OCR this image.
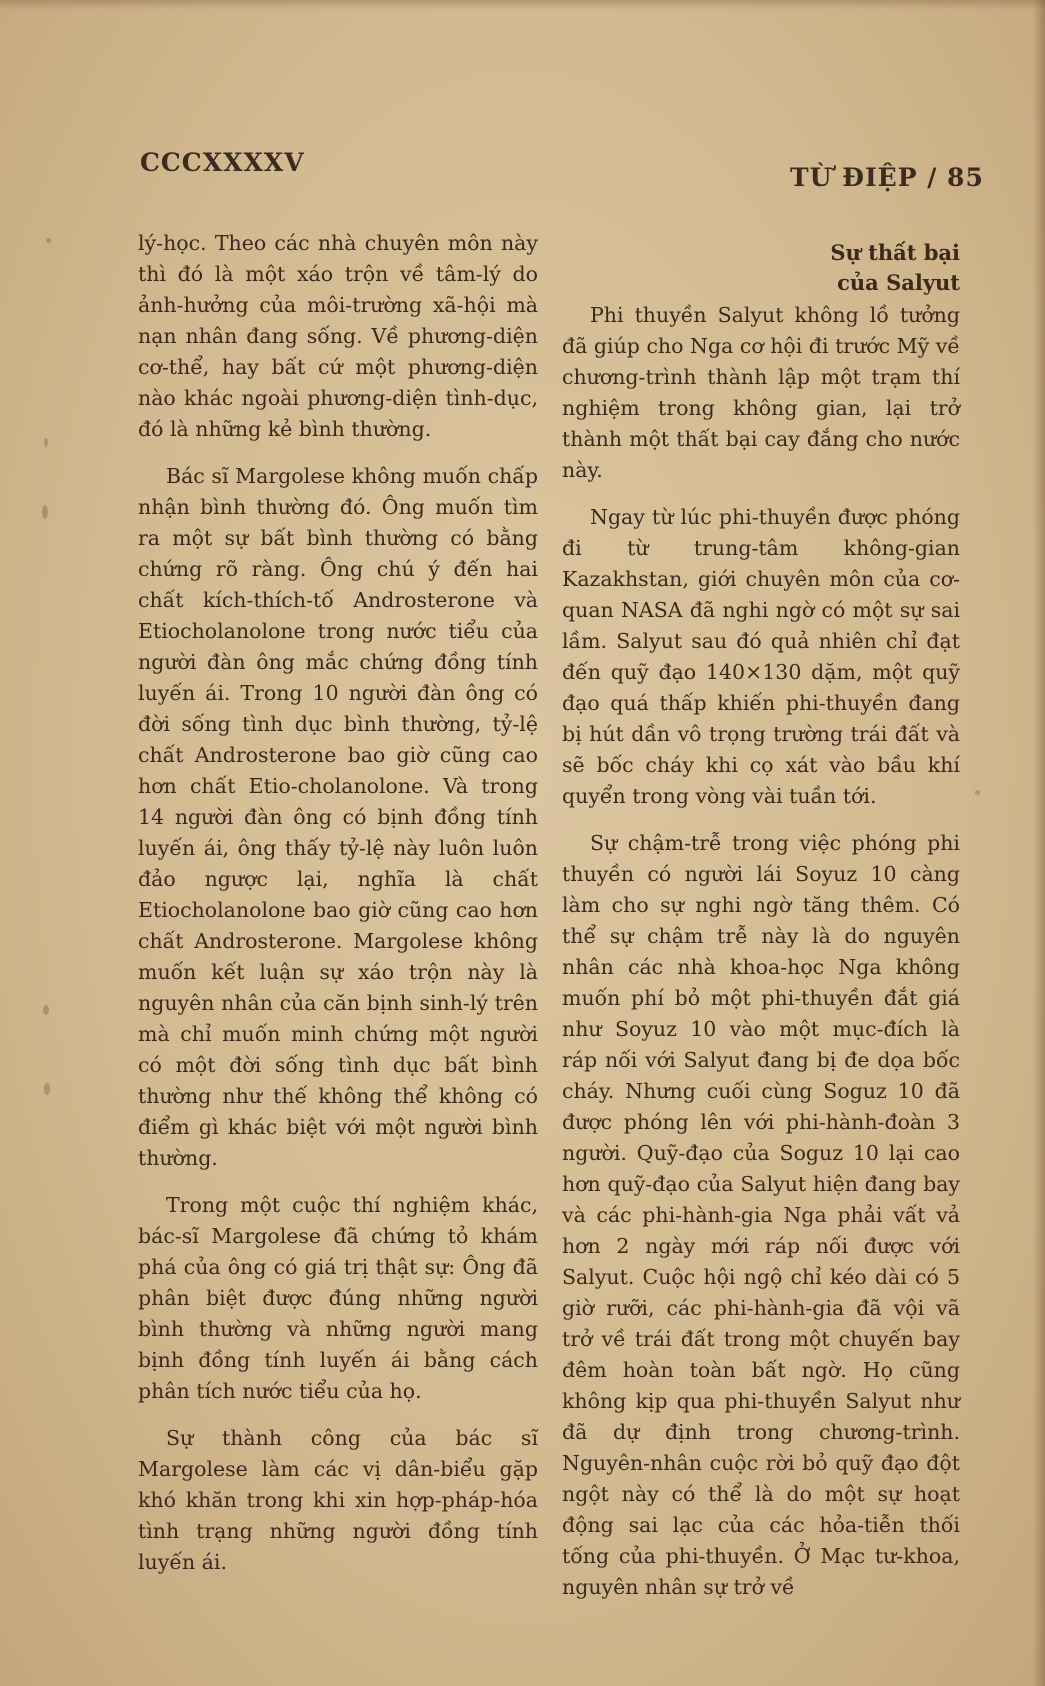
CCCXXXXV
TỪ ĐIỆP / 85

lý-học. Theo các nhà chuyên môn này thì đó là một xáo trộn về tâm-lý do ảnh-hưởng của môi-trường xã-hội mà nạn nhân đang sống. Về phương-diện cơ-thể, hay bất cứ một phương-diện nào khác ngoài phương-diện tình-dục, đó là những kẻ bình thường.

Bác sĩ Margolese không muốn chấp nhận bình thường đó. Ông muốn tìm ra một sự bất bình thường có bằng chứng rõ ràng. Ông chú ý đến hai chất kích-thích-tố Androsterone và Etiocholanolone trong nước tiểu của người đàn ông mắc chứng đồng tính luyến ái. Trong 10 người đàn ông có đời sống tình dục bình thường, tỷ-lệ chất Androsterone bao giờ cũng cao hơn chất Etio-cholanolone. Và trong 14 người đàn ông có bịnh đồng tính luyến ái, ông thấy tỷ-lệ này luôn luôn đảo ngược lại, nghĩa là chất Etiocholanolone bao giờ cũng cao hơn chất Androsterone. Margolese không muốn kết luận sự xáo trộn này là nguyên nhân của căn bịnh sinh-lý trên mà chỉ muốn minh chứng một người có một đời sống tình dục bất bình thường như thế không thể không có điểm gì khác biệt với một người bình thường.

Trong một cuộc thí nghiệm khác, bác-sĩ Margolese đã chứng tỏ khám phá của ông có giá trị thật sự: Ông đã phân biệt được đúng những người bình thường và những người mang bịnh đồng tính luyến ái bằng cách phân tích nước tiểu của họ.

Sự thành công của bác sĩ Margolese làm các vị dân-biểu gặp khó khăn trong khi xin hợp-pháp-hóa tình trạng những người đồng tính luyến ái.

Sự thất bại
của Salyut

Phi thuyền Salyut không lồ tưởng đã giúp cho Nga cơ hội đi trước Mỹ về chương-trình thành lập một trạm thí nghiệm trong không gian, lại trở thành một thất bại cay đắng cho nước này.

Ngay từ lúc phi-thuyền được phóng đi từ trung-tâm không-gian Kazakhstan, giới chuyên môn của cơ-quan NASA đã nghi ngờ có một sự sai lầm. Salyut sau đó quả nhiên chỉ đạt đến quỹ đạo 140×130 dặm, một quỹ đạo quá thấp khiến phi-thuyền đang bị hút dần vô trọng trường trái đất và sẽ bốc cháy khi cọ xát vào bầu khí quyển trong vòng vài tuần tới.

Sự chậm-trễ trong việc phóng phi thuyền có người lái Soyuz 10 càng làm cho sự nghi ngờ tăng thêm. Có thể sự chậm trễ này là do nguyên nhân các nhà khoa-học Nga không muốn phí bỏ một phi-thuyền đắt giá như Soyuz 10 vào một mục-đích là ráp nối với Salyut đang bị đe dọa bốc cháy. Nhưng cuối cùng Soguz 10 đã được phóng lên với phi-hành-đoàn 3 người. Quỹ-đạo của Soguz 10 lại cao hơn quỹ-đạo của Salyut hiện đang bay và các phi-hành-gia Nga phải vất vả hơn 2 ngày mới ráp nối được với Salyut. Cuộc hội ngộ chỉ kéo dài có 5 giờ rưỡi, các phi-hành-gia đã vội vã trở về trái đất trong một chuyến bay đêm hoàn toàn bất ngờ. Họ cũng không kịp qua phi-thuyền Salyut như đã dự định trong chương-trình. Nguyên-nhân cuộc rời bỏ quỹ đạo đột ngột này có thể là do một sự hoạt động sai lạc của các hỏa-tiễn thối tống của phi-thuyền. Ở Mạc tư-khoa, nguyên nhân sự trở về
